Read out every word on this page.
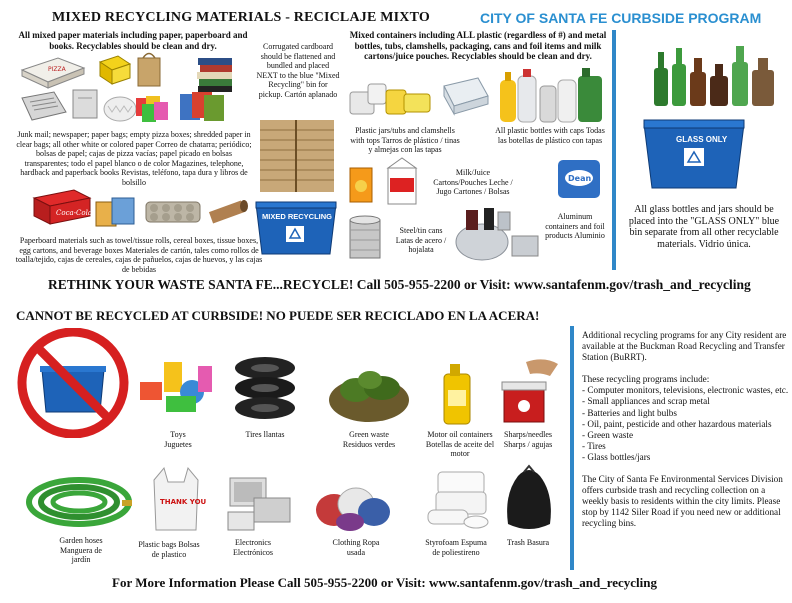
MIXED RECYCLING MATERIALS - RECICLAJE MIXTO	CITY OF SANTA FE CURBSIDE PROGRAM
All mixed paper materials including paper, paperboard and books. Recyclables should be clean and dry.
PIZZA
Corrugated cardboard should be flattened and bundled and placed NEXT to the blue "Mixed Recycling" bin for pickup. Cartón aplanado
Junk mail; newspaper; paper bags; empty pizza boxes; shredded paper in clear bags; all other white or colored paper Correo de chatarra; periódico; bolsas de papel; cajas de pizza vacías; papel picado en bolsas transparentes; todo el papel blanco o de color Magazines, telephone, hardback and paperback books Revistas, teléfono, tapa dura y libros de bolsillo
Coca-Cola
Paperboard materials such as towel/tissue rolls, cereal boxes, tissue boxes, egg cartons, and beverage boxes Materiales de cartón, tales como rollos de toalla/tejido, cajas de cereales, cajas de pañuelos, cajas de huevos, y las cajas de bebidas
MIXED RECYCLING
Mixed containers including ALL plastic (regardless of #) and metal bottles, tubs, clamshells, packaging, cans and foil items and milk cartons/juice pouches. Recyclables should be clean and dry.
Plastic jars/tubs and clamshells with tops Tarros de plástico / tinas y almejas con las tapas
All plastic bottles with caps Todas las botellas de plástico con tapas
Milk/Juice Cartons/Pouches Leche / Jugo Cartones / Bolsas
Dean
Steel/tin cans Latas de acero / hojalata
Aluminum containers and foil products Aluminio
GLASS ONLY
All glass bottles and jars should be placed into the "GLASS ONLY" blue bin separate from all other recyclable materials. Vidrio única.
RETHINK YOUR WASTE SANTA FE...RECYCLE! Call 505-955-2200 or Visit: www.santafenm.gov/trash_and_recycling
CANNOT BE RECYCLED AT CURBSIDE! NO PUEDE SER RECICLADO EN LA ACERA!
Toys Juguetes
Tires llantas	Green waste Residuos verdes
Motor oil containers Botellas de aceite del motor
Sharps/needles Sharps / agujas
Garden hoses Manguera de jardín
THANK YOU
Plastic bags Bolsas de plastico
Electronics Electrónicos
Clothing Ropa usada
Styrofoam Espuma de poliestireno
Trash Basura

Additional recycling programs for any City resident are available at the Buckman Road Recycling and Transfer Station (BuRRT).

These recycling programs include:
- Computer monitors, televisions, electronic wastes, etc.
- Small appliances and scrap metal
- Batteries and light bulbs
- Oil, paint, pesticide and other hazardous materials
- Green waste
- Tires
- Glass bottles/jars

The City of Santa Fe Environmental Services Division offers curbside trash and recycling collection on a weekly basis to residents within the city limits. Please stop by 1142 Siler Road if you need new or additional recycling bins.

For More Information Please Call 505-955-2200 or Visit: www.santafenm.gov/trash_and_recycling
